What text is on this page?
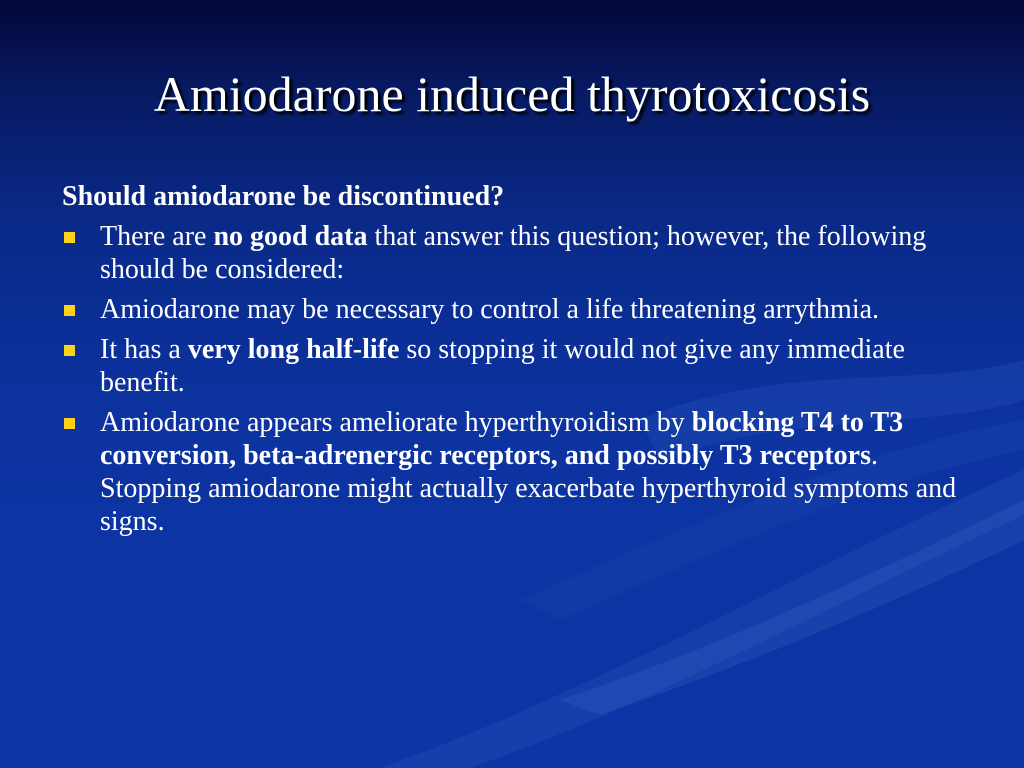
Amiodarone induced thyrotoxicosis
Should amiodarone be discontinued?
There are no good data that answer this question; however, the following should be considered:
Amiodarone may be necessary to control a life threatening arrythmia.
It has a very long half-life so stopping it would not give any immediate benefit.
Amiodarone appears ameliorate hyperthyroidism by blocking T4 to T3 conversion, beta-adrenergic receptors, and possibly T3 receptors. Stopping amiodarone might actually exacerbate hyperthyroid symptoms and signs.
